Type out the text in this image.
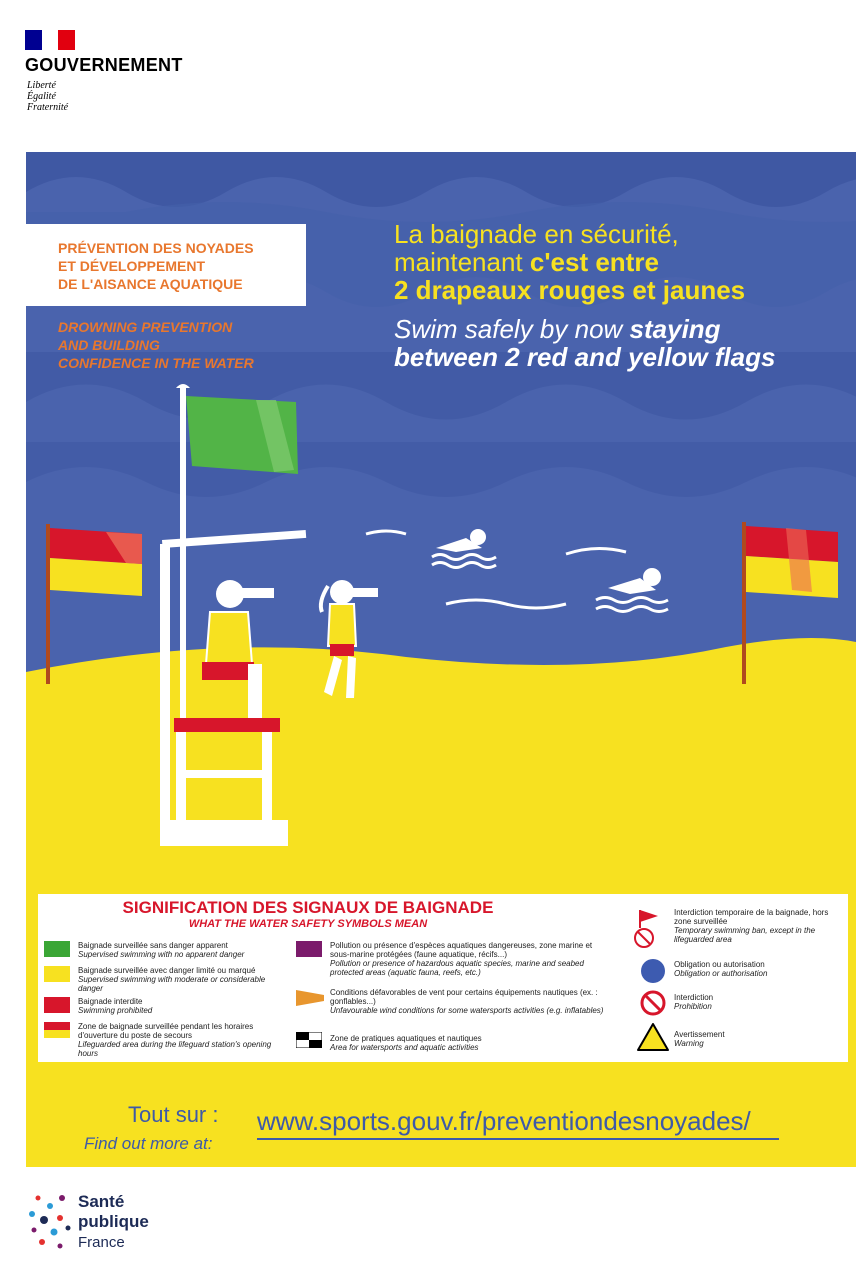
GOUVERNEMENT
Liberté
Égalité
Fraternité
PRÉVENTION DES NOYADES
ET DÉVELOPPEMENT
DE L'AISANCE AQUATIQUE
DROWNING PREVENTION
AND BUILDING
CONFIDENCE IN THE WATER
La baignade en sécurité,
maintenant c'est entre
2 drapeaux rouges et jaunes
Swim safely by now staying
between 2 red and yellow flags
SIGNIFICATION DES SIGNAUX DE BAIGNADE
WHAT THE WATER SAFETY SYMBOLS MEAN
Baignade surveillée sans danger apparent
Supervised swimming with no apparent danger
Baignade surveillée avec danger limité ou marqué
Supervised swimming with moderate or considerable danger
Baignade interdite
Swimming prohibited
Zone de baignade surveillée pendant les horaires d'ouverture du poste de secours
Lifeguarded area during the lifeguard station's opening hours
Pollution ou présence d'espèces aquatiques dangereuses, zone marine et sous-marine protégées (faune aquatique, récifs...)
Pollution or presence of hazardous aquatic species, marine and seabed protected areas (aquatic fauna, reefs, etc.)
Conditions défavorables de vent pour certains équipements nautiques (ex. : gonflables...)
Unfavourable wind conditions for some watersports activities (e.g. inflatables)
Zone de pratiques aquatiques et nautiques
Area for watersports and aquatic activities
Interdiction temporaire de la baignade, hors zone surveillée
Temporary swimming ban, except in the lifeguarded area
Obligation ou autorisation
Obligation or authorisation
Interdiction
Prohibition
Avertissement
Warning
Tout sur :
Find out more at:
www.sports.gouv.fr/preventiondesnoyades/
Santé
publique
France
